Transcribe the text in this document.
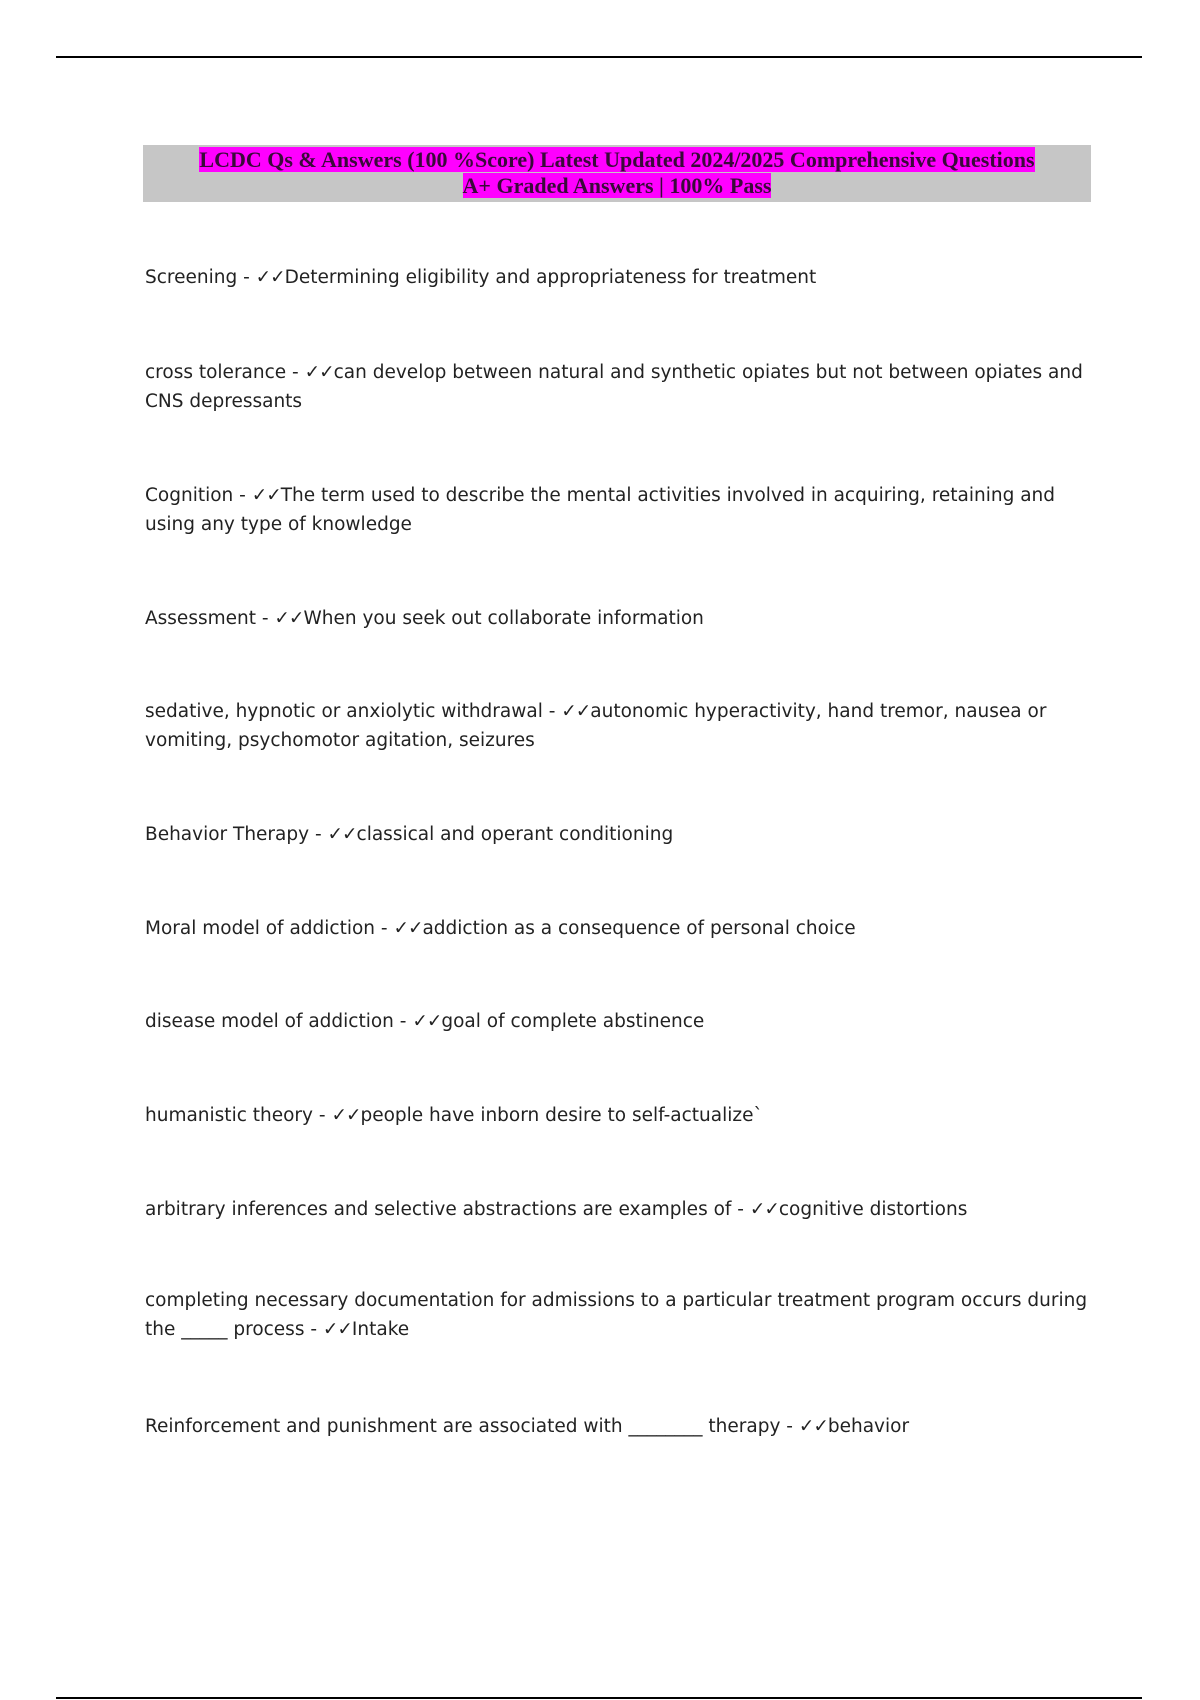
LCDC Qs & Answers (100 %Score) Latest Updated 2024/2025 Comprehensive Questions
A+ Graded Answers | 100% Pass
Screening - ✓✓Determining eligibility and appropriateness for treatment
cross tolerance - ✓✓can develop between natural and synthetic opiates but not between opiates and CNS depressants
Cognition - ✓✓The term used to describe the mental activities involved in acquiring, retaining and using any type of knowledge
Assessment - ✓✓When you seek out collaborate information
sedative, hypnotic or anxiolytic withdrawal - ✓✓autonomic hyperactivity, hand tremor, nausea or vomiting, psychomotor agitation, seizures
Behavior Therapy - ✓✓classical and operant conditioning
Moral model of addiction - ✓✓addiction as a consequence of personal choice
disease model of addiction - ✓✓goal of complete abstinence
humanistic theory - ✓✓people have inborn desire to self-actualize`
arbitrary inferences and selective abstractions are examples of - ✓✓cognitive distortions
completing necessary documentation for admissions to a particular treatment program occurs during the _____ process - ✓✓Intake
Reinforcement and punishment are associated with ________ therapy - ✓✓behavior
